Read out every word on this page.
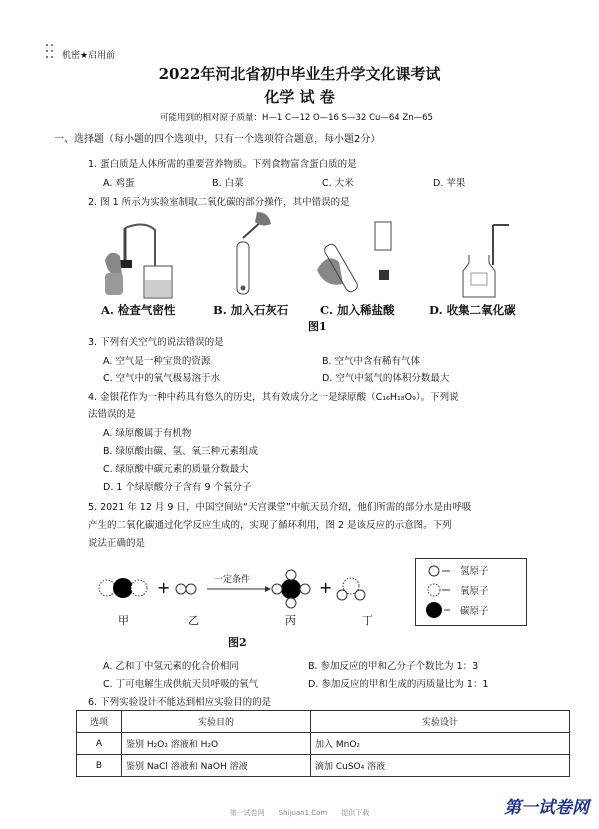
机密★启用前
2022年河北省初中毕业生升学文化课考试
化学 试 卷
可能用到的相对原子质量：H—1 C—12 O—16 S—32 Cu—64 Zn—65
一、选择题（每小题的四个选项中，只有一个选项符合题意，每小题2分）
1. 蛋白质是人体所需的重要营养物质。下列食物富含蛋白质的是
A. 鸡蛋	B. 白菜	C. 大米	D. 苹果
2. 图 1 所示为实验室制取二氧化碳的部分操作，其中错误的是
A. 检查气密性	B. 加入石灰石	C. 加入稀盐酸	D. 收集二氧化碳
图1
3. 下列有关空气的说法错误的是
A. 空气是一种宝贵的资源	B. 空气中含有稀有气体
C. 空气中的氧气极易溶于水	D. 空气中氮气的体积分数最大
4. 金银花作为一种中药具有悠久的历史，其有效成分之一是绿原酸（C₁₆H₁₈O₉）。下列说
法错误的是
A. 绿原酸属于有机物
B. 绿原酸由碳、氢、氧三种元素组成
C. 绿原酸中碳元素的质量分数最大
D. 1 个绿原酸分子含有 9 个氧分子
5. 2021 年 12 月 9 日，中国空间站“天宫课堂”中航天员介绍，他们所需的部分水是由呼吸
产生的二氧化碳通过化学反应生成的，实现了循环利用，图 2 是该反应的示意图。下列
说法正确的是
+	+
一定条件
甲	乙	丙	丁
图2
氢原子
氧原子
碳原子
A. 乙和丁中氢元素的化合价相同	B. 参加反应的甲和乙分子个数比为 1：3
C. 丁可电解生成供航天员呼吸的氧气	D. 参加反应的甲和生成的丙质量比为 1：1
6. 下列实验设计不能达到相应实验目的的是
选项	实验目的	实验设计
A	鉴别 H₂O₂ 溶液和 H₂O	加入 MnO₂
B	鉴别 NaCl 溶液和 NaOH 溶液	滴加 CuSO₄ 溶液
第一试卷网　　Shijuan1.Com　　提供下载	第一试卷网
